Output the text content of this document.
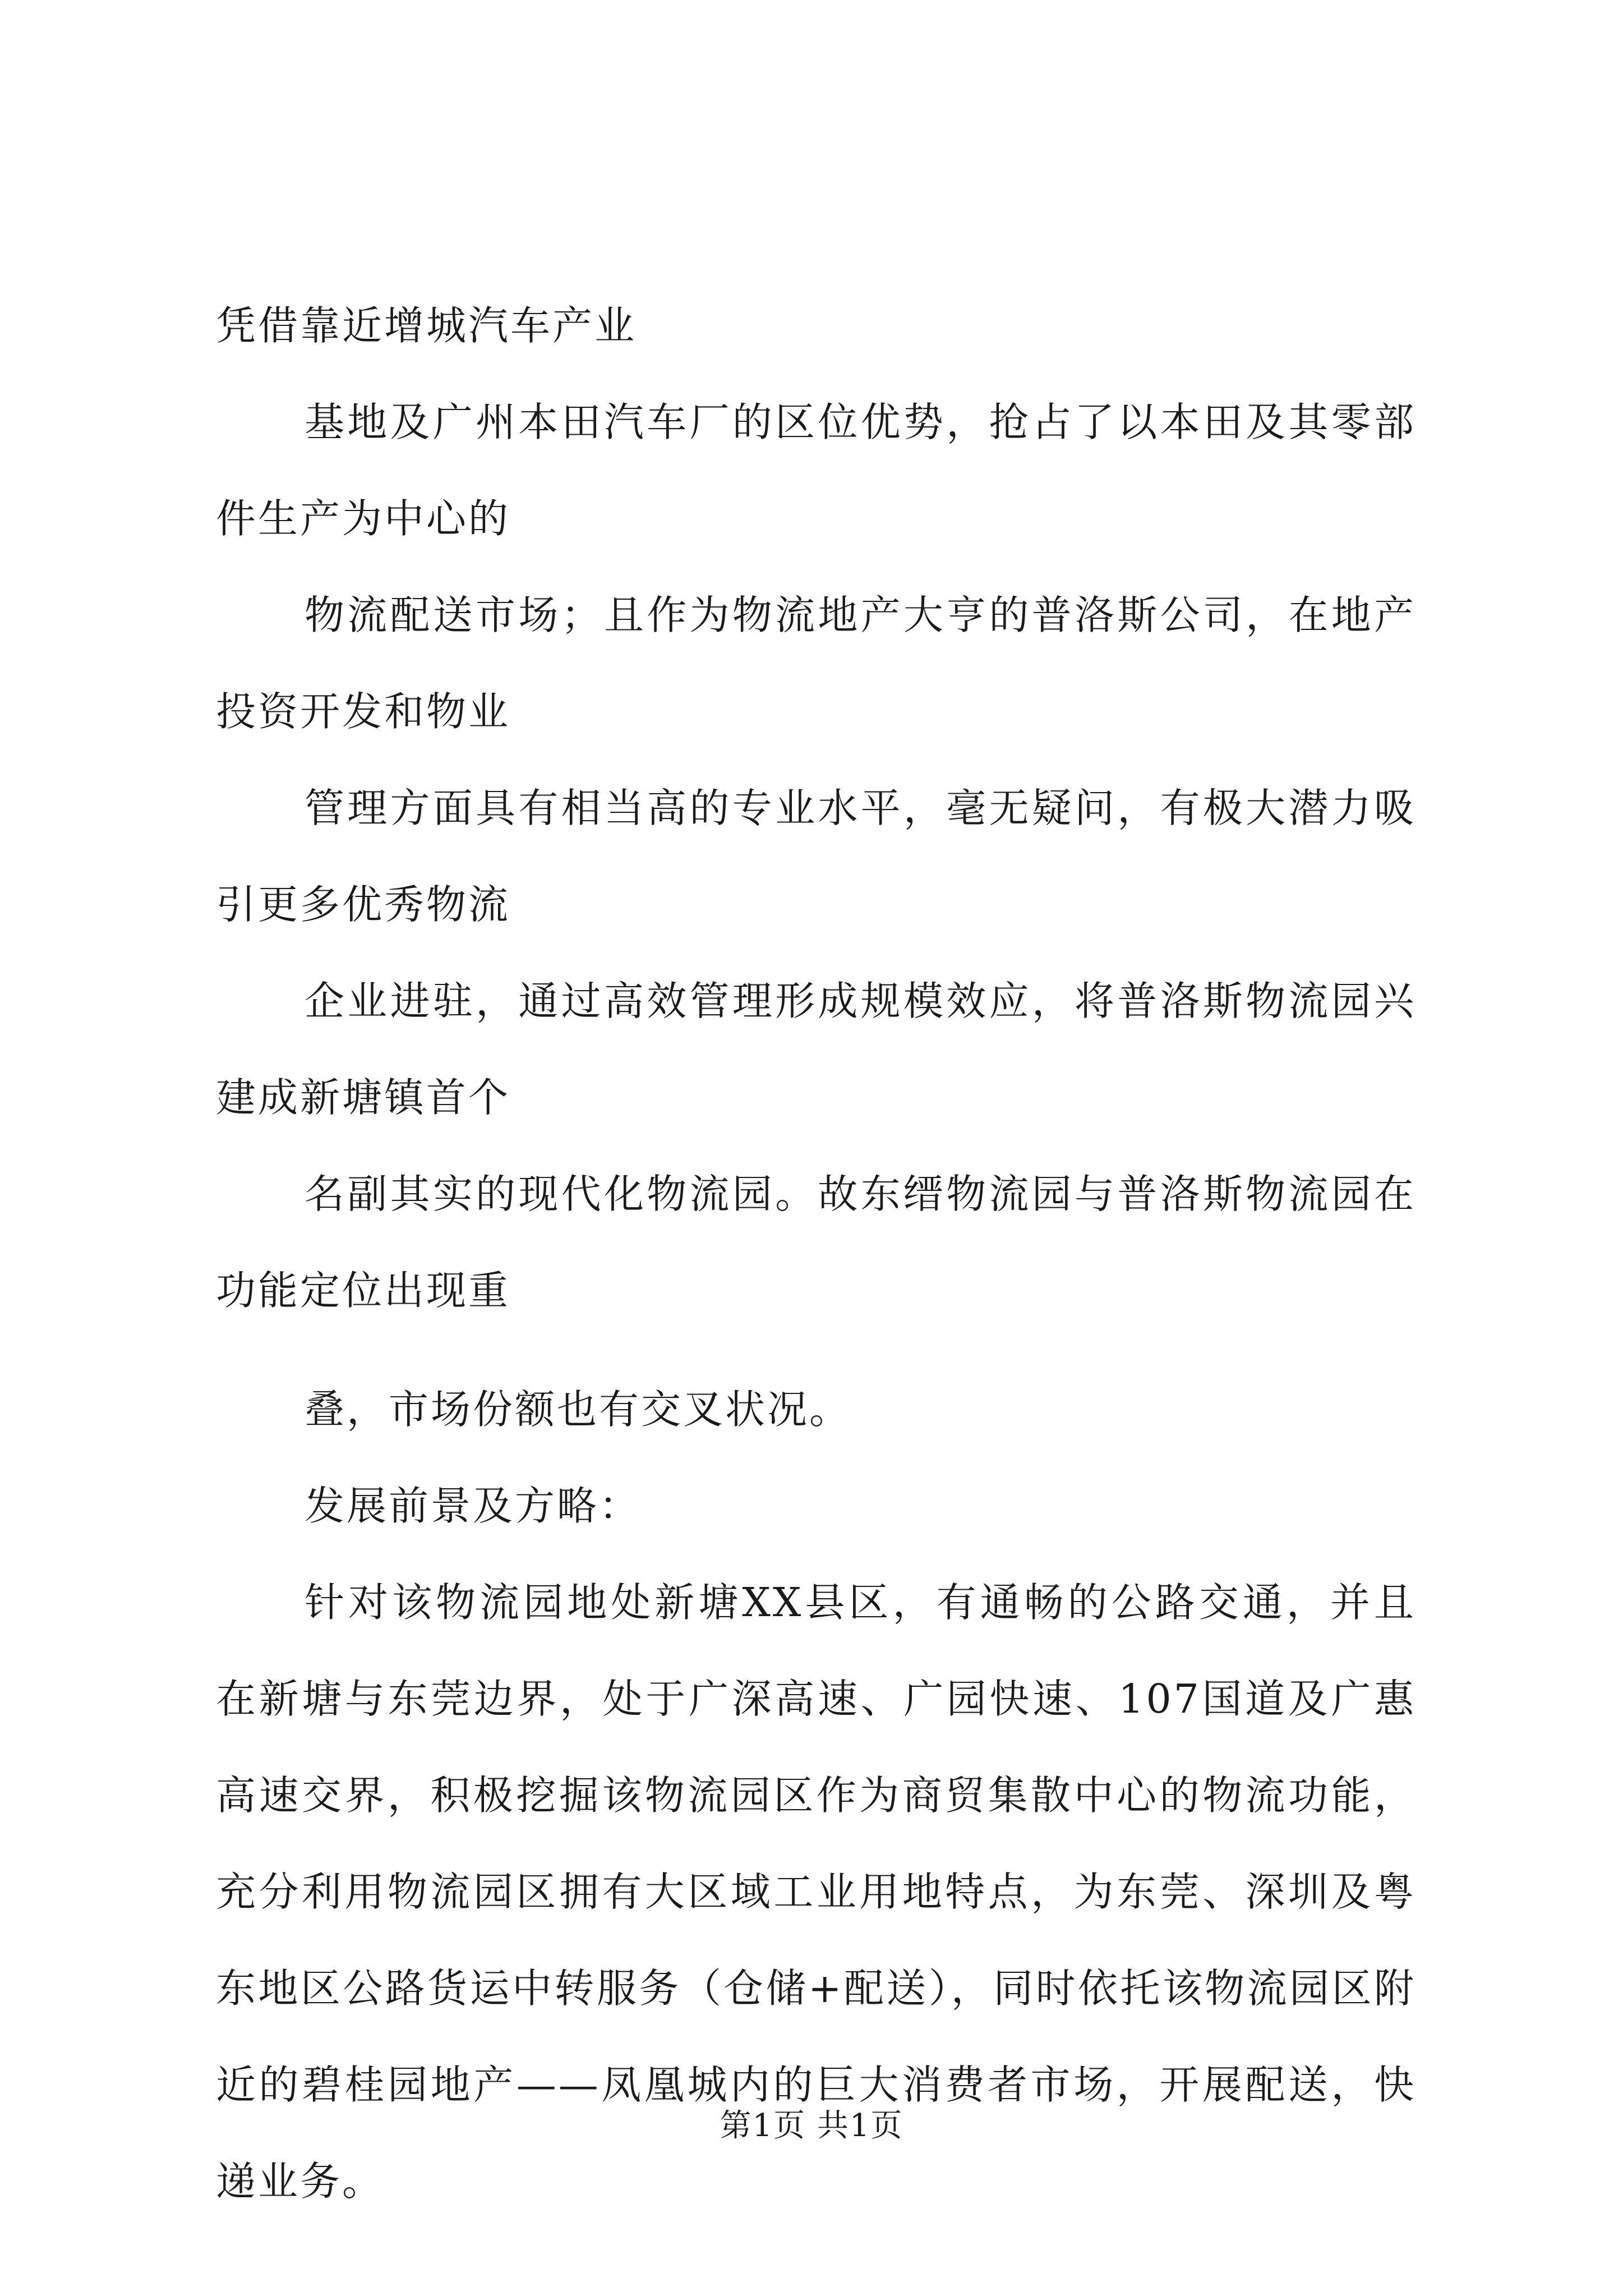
凭借靠近增城汽车产业
基地及广州本田汽车厂的区位优势，抢占了以本田及其零部
件生产为中心的
物流配送市场；且作为物流地产大亨的普洛斯公司，在地产
投资开发和物业
管理方面具有相当高的专业水平，毫无疑问，有极大潜力吸
引更多优秀物流
企业进驻，通过高效管理形成规模效应，将普洛斯物流园兴
建成新塘镇首个
名副其实的现代化物流园。故东缙物流园与普洛斯物流园在
功能定位出现重
叠，市场份额也有交叉状况。
发展前景及方略：
针对该物流园地处新塘XX县区，有通畅的公路交通，并且
在新塘与东莞边界，处于广深高速、广园快速、107国道及广惠
高速交界，积极挖掘该物流园区作为商贸集散中心的物流功能，
充分利用物流园区拥有大区域工业用地特点，为东莞、深圳及粤
东地区公路货运中转服务（仓储+配送），同时依托该物流园区附
近的碧桂园地产——凤凰城内的巨大消费者市场，开展配送，快
递业务。
第1页 共1页
